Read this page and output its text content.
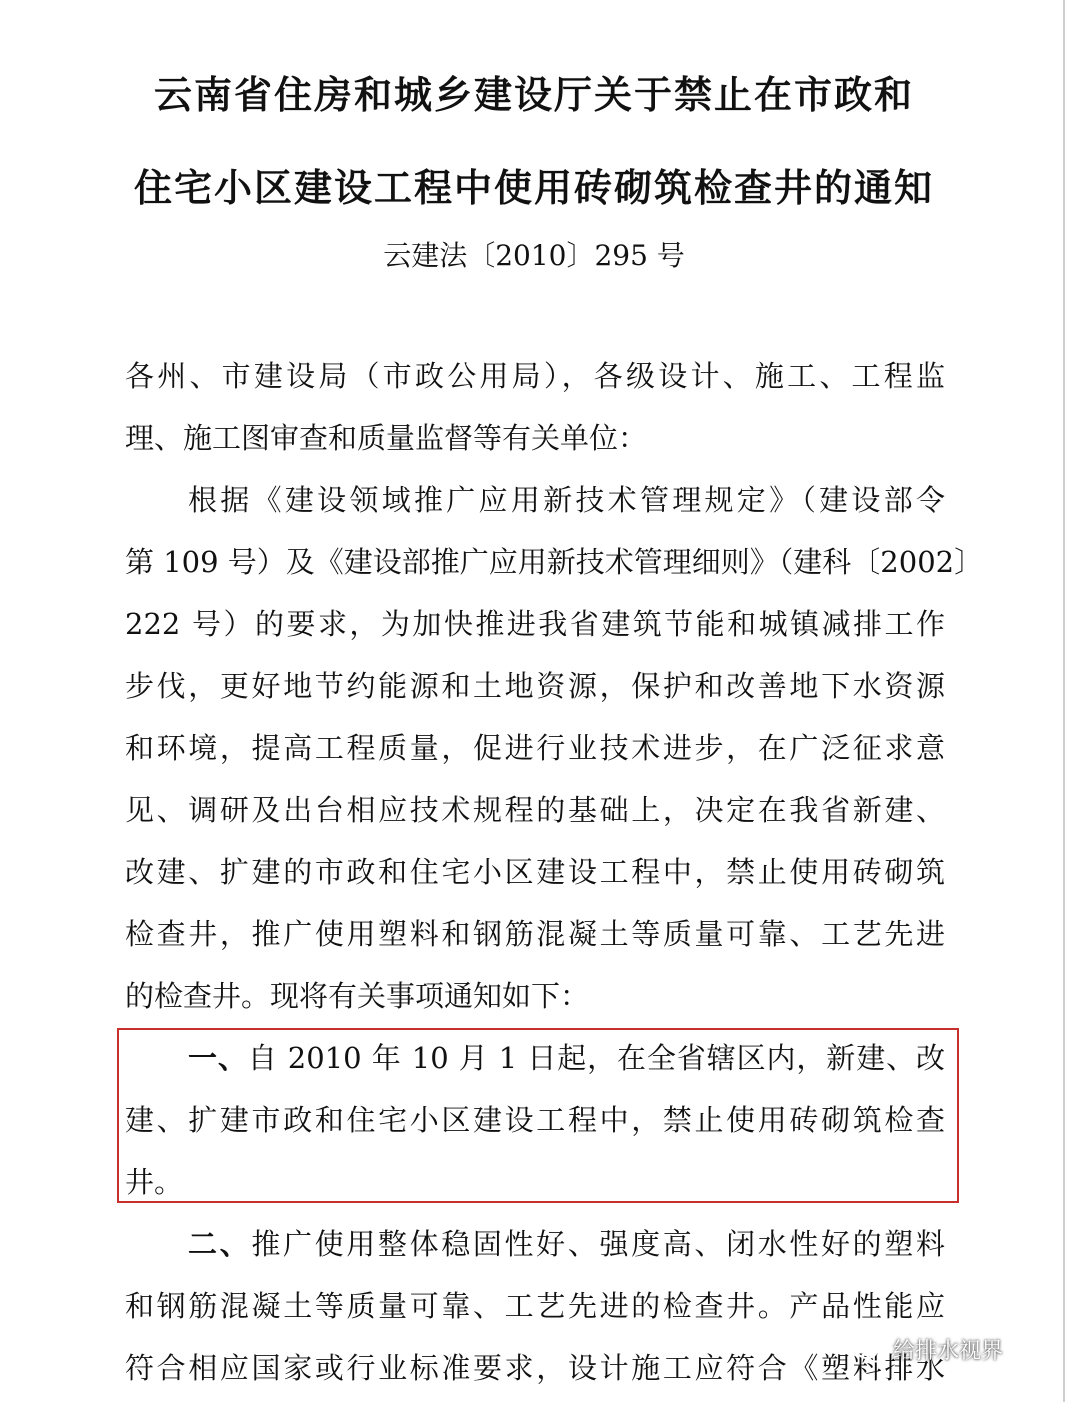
云南省住房和城乡建设厅关于禁止在市政和
住宅小区建设工程中使用砖砌筑检查井的通知
云建法〔2010〕295 号
各州、市建设局（市政公用局），各级设计、施工、工程监
理、施工图审查和质量监督等有关单位：
根据《建设领域推广应用新技术管理规定》（建设部令
第 109 号）及《建设部推广应用新技术管理细则》（建科〔2002〕
222 号）的要求，为加快推进我省建筑节能和城镇减排工作
步伐，更好地节约能源和土地资源，保护和改善地下水资源
和环境，提高工程质量，促进行业技术进步，在广泛征求意
见、调研及出台相应技术规程的基础上，决定在我省新建、
改建、扩建的市政和住宅小区建设工程中，禁止使用砖砌筑
检查井，推广使用塑料和钢筋混凝土等质量可靠、工艺先进
的检查井。现将有关事项通知如下：
一、自 2010 年 10 月 1 日起，在全省辖区内，新建、改
建、扩建市政和住宅小区建设工程中，禁止使用砖砌筑检查
井。
二、推广使用整体稳固性好、强度高、闭水性好的塑料
和钢筋混凝土等质量可靠、工艺先进的检查井。产品性能应
符合相应国家或行业标准要求，设计施工应符合《塑料排水
给排水视界
